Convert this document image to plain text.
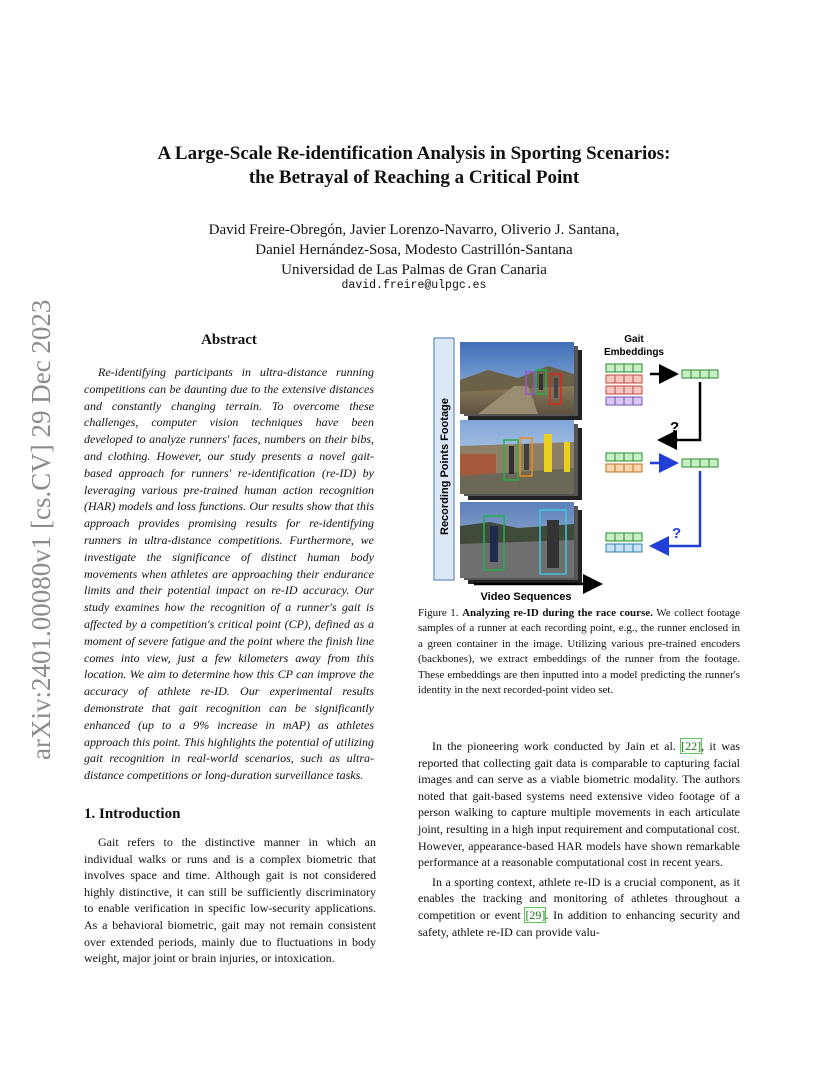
arXiv:2401.00080v1 [cs.CV] 29 Dec 2023
A Large-Scale Re-identification Analysis in Sporting Scenarios:
the Betrayal of Reaching a Critical Point
David Freire-Obregón, Javier Lorenzo-Navarro, Oliverio J. Santana,
Daniel Hernández-Sosa, Modesto Castrillón-Santana
Universidad de Las Palmas de Gran Canaria
david.freire@ulpgc.es
Abstract

Re-identifying participants in ultra-distance running competitions can be daunting due to the extensive distances and constantly changing terrain. To overcome these challenges, computer vision techniques have been developed to analyze runners' faces, numbers on their bibs, and clothing. However, our study presents a novel gait-based approach for runners' re-identification (re-ID) by leveraging various pre-trained human action recognition (HAR) models and loss functions. Our results show that this approach provides promising results for re-identifying runners in ultra-distance competitions. Furthermore, we investigate the significance of distinct human body movements when athletes are approaching their endurance limits and their potential impact on re-ID accuracy. Our study examines how the recognition of a runner's gait is affected by a competition's critical point (CP), defined as a moment of severe fatigue and the point where the finish line comes into view, just a few kilometers away from this location. We aim to determine how this CP can improve the accuracy of athlete re-ID. Our experimental results demonstrate that gait recognition can be significantly enhanced (up to a 9% increase in mAP) as athletes approach this point. This highlights the potential of utilizing gait recognition in real-world scenarios, such as ultra-distance competitions or long-duration surveillance tasks.

1. Introduction

Gait refers to the distinctive manner in which an individual walks or runs and is a complex biometric that involves space and time. Although gait is not considered highly distinctive, it can still be sufficiently discriminatory to enable verification in specific low-security applications. As a behavioral biometric, gait may not remain consistent over extended periods, mainly due to fluctuations in body weight, major joint or brain injuries, or intoxication.

Recording Points Footage
Gait
Embeddings
?
?
Video Sequences

Figure 1. Analyzing re-ID during the race course. We collect footage samples of a runner at each recording point, e.g., the runner enclosed in a green container in the image. Utilizing various pre-trained encoders (backbones), we extract embeddings of the runner from the footage. These embeddings are then inputted into a model predicting the runner's identity in the next recorded-point video set.

In the pioneering work conducted by Jain et al. [22], it was reported that collecting gait data is comparable to capturing facial images and can serve as a viable biometric modality. The authors noted that gait-based systems need extensive video footage of a person walking to capture multiple movements in each articulate joint, resulting in a high input requirement and computational cost. However, appearance-based HAR models have shown remarkable performance at a reasonable computational cost in recent years.

In a sporting context, athlete re-ID is a crucial component, as it enables the tracking and monitoring of athletes throughout a competition or event [29]. In addition to enhancing security and safety, athlete re-ID can provide valu-
